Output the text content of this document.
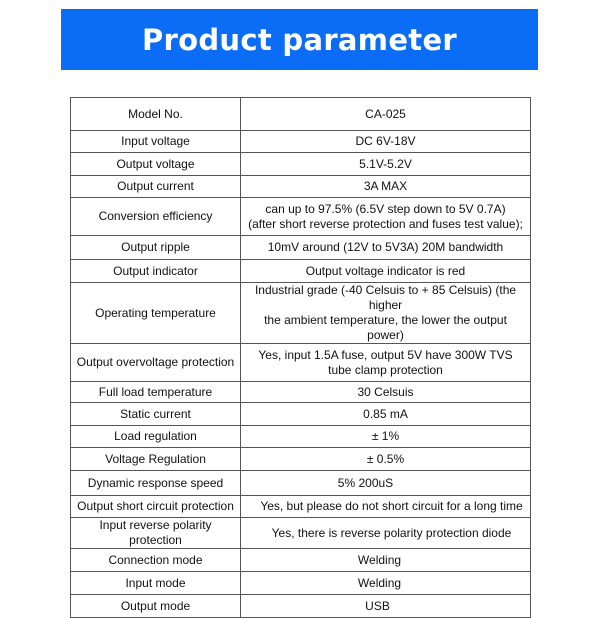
Product parameter
Model No.	CA-025

Input voltage	DC 6V-18V

Output voltage	5.1V-5.2V

Output current	3A MAX

Conversion efficiency	can up to 97.5% (6.5V step down to 5V 0.7A)
(after short reverse protection and fuses test value);

Output ripple	10mV around (12V to 5V3A) 20M bandwidth

Output indicator	Output voltage indicator is red

Operating temperature	Industrial grade (-40 Celsuis to + 85 Celsuis) (the higher
the ambient temperature, the lower the output power)

Output overvoltage protection	Yes, input 1.5A fuse, output 5V have 300W TVS
tube clamp protection

Full load temperature	30 Celsuis

Static current	0.85 mA

Load regulation	± 1%

Voltage Regulation	± 0.5%

Dynamic response speed	5% 200uS

Output short circuit protection	Yes, but please do not short circuit for a long time

Input reverse polarity protection	Yes, there is reverse polarity protection diode

Connection mode	Welding

Input mode	Welding

Output mode	USB
